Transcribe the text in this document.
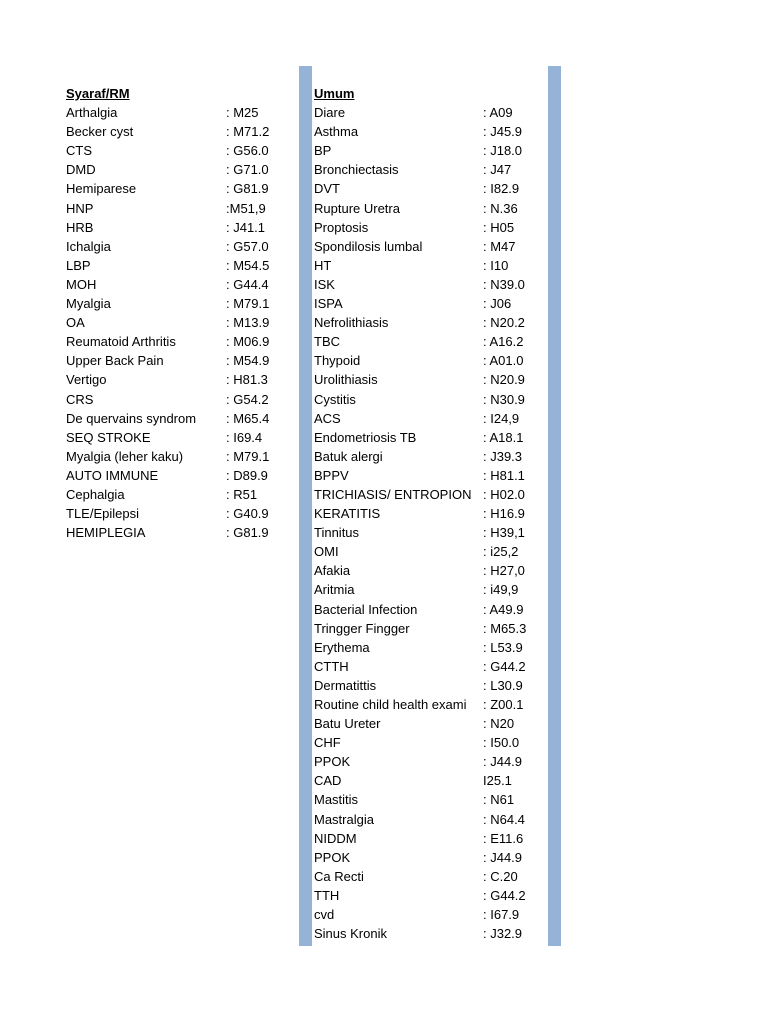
Syaraf/RM
Arthalgia	: M25
Becker cyst	: M71.2
CTS	: G56.0
DMD	: G71.0
Hemiparese	: G81.9
HNP	:M51,9
HRB	: J41.1
Ichalgia	: G57.0
LBP	: M54.5
MOH	: G44.4
Myalgia	: M79.1
OA	: M13.9
Reumatoid Arthritis	: M06.9
Upper Back Pain	: M54.9
Vertigo	: H81.3
CRS	: G54.2
De quervains syndrom : M65.4
SEQ STROKE	: I69.4
Myalgia (leher kaku)	: M79.1
AUTO IMMUNE	: D89.9
Cephalgia	: R51
TLE/Epilepsi	: G40.9
HEMIPLEGIA	: G81.9
Umum
Diare	: A09
Asthma	: J45.9
BP	: J18.0
Bronchiectasis	: J47
DVT	: I82.9
Rupture Uretra	: N.36
Proptosis	: H05
Spondilosis lumbal	: M47
HT	: I10
ISK	: N39.0
ISPA	: J06
Nefrolithiasis	: N20.2
TBC	: A16.2
Thypoid	: A01.0
Urolithiasis	: N20.9
Cystitis	: N30.9
ACS	: I24,9
Endometriosis TB	: A18.1
Batuk alergi	: J39.3
BPPV	: H81.1
TRICHIASIS/ ENTROPION : H02.0
KERATITIS	: H16.9
Tinnitus	: H39,1
OMI	: i25,2
Afakia	: H27,0
Aritmia	: i49,9
Bacterial Infection	: A49.9
Tringger Fingger	: M65.3
Erythema	: L53.9
CTTH	: G44.2
Dermatittis	: L30.9
Routine child health exami : Z00.1
Batu Ureter	: N20
CHF	: I50.0
PPOK	: J44.9
CAD	I25.1
Mastitis	: N61
Mastralgia	: N64.4
NIDDM	: E11.6
PPOK	: J44.9
Ca Recti	: C.20
TTH	: G44.2
cvd	: I67.9
Sinus Kronik	: J32.9
